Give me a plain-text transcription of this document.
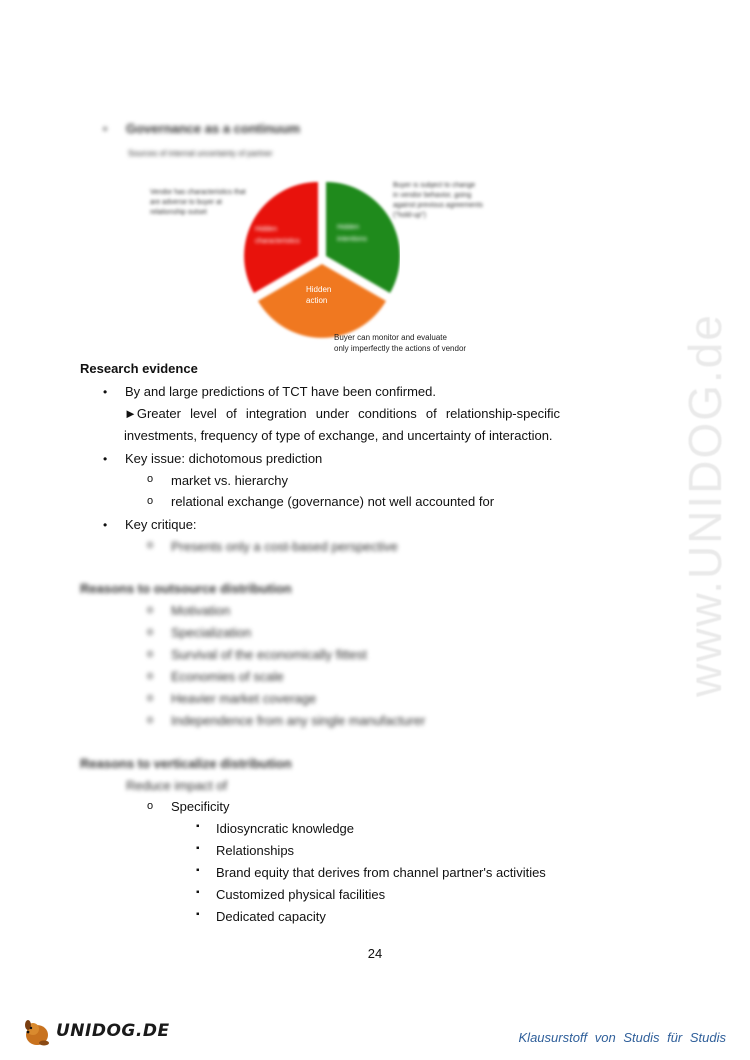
www.UNIDOG.de
• Governance as a continuum
Sources of internal uncertainty of partner
Hidden
characteristics
Hidden
intentions
Hidden
action
Vendor has characteristics that
are adverse to buyer at
relationship outset
Buyer is subject to change
in vendor behavior, going
against previous agreements
("hold-up")
Buyer can monitor and evaluate
only imperfectly the actions of vendor
Research evidence
• By and large predictions of TCT have been confirmed.
►Greater level of integration under conditions of relationship-specific
investments, frequency of type of exchange, and uncertainty of interaction.
• Key issue: dichotomous prediction
o market vs. hierarchy
o relational exchange (governance) not well accounted for
• Key critique:
o Presents only a cost-based perspective
Reasons to outsource distribution
o Motivation
o Specialization
o Survival of the economically fittest
o Economies of scale
o Heavier market coverage
o Independence from any single manufacturer
Reasons to verticalize distribution
Reduce impact of
o Specificity
▪ Idiosyncratic knowledge
▪ Relationships
▪ Brand equity that derives from channel partner's activities
▪ Customized physical facilities
▪ Dedicated capacity
24
UNIDOG.DE	Klausurstoff von Studis für Studis
